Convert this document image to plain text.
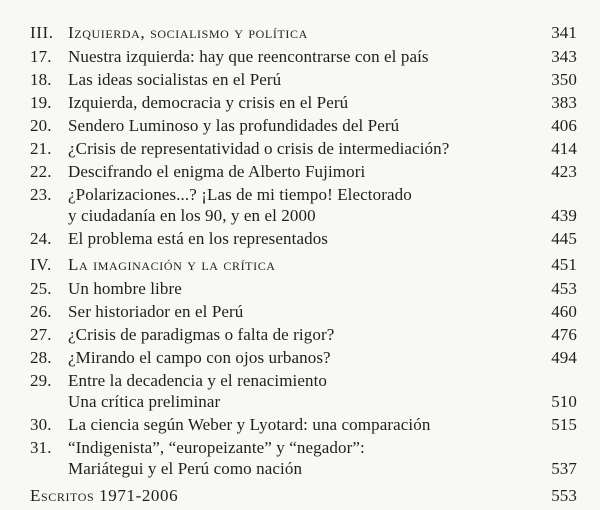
III. Izquierda, socialismo y política	341
17. Nuestra izquierda: hay que reencontrarse con el país	343
18. Las ideas socialistas en el Perú	350
19. Izquierda, democracia y crisis en el Perú	383
20. Sendero Luminoso y las profundidades del Perú	406
21. ¿Crisis de representatividad o crisis de intermediación?	414
22. Descifrando el enigma de Alberto Fujimori	423
23. ¿Polarizaciones...? ¡Las de mi tiempo! Electorado
y ciudadanía en los 90, y en el 2000	439
24. El problema está en los representados	445
IV. La imaginación y la crítica	451
25. Un hombre libre	453
26. Ser historiador en el Perú	460
27. ¿Crisis de paradigmas o falta de rigor?	476
28. ¿Mirando el campo con ojos urbanos?	494
29. Entre la decadencia y el renacimiento
Una crítica preliminar	510
30. La ciencia según Weber y Lyotard: una comparación	515
31. “Indigenista”, “europeizante” y “negador”:
Mariátegui y el Perú como nación	537
Escritos 1971-2006	553
